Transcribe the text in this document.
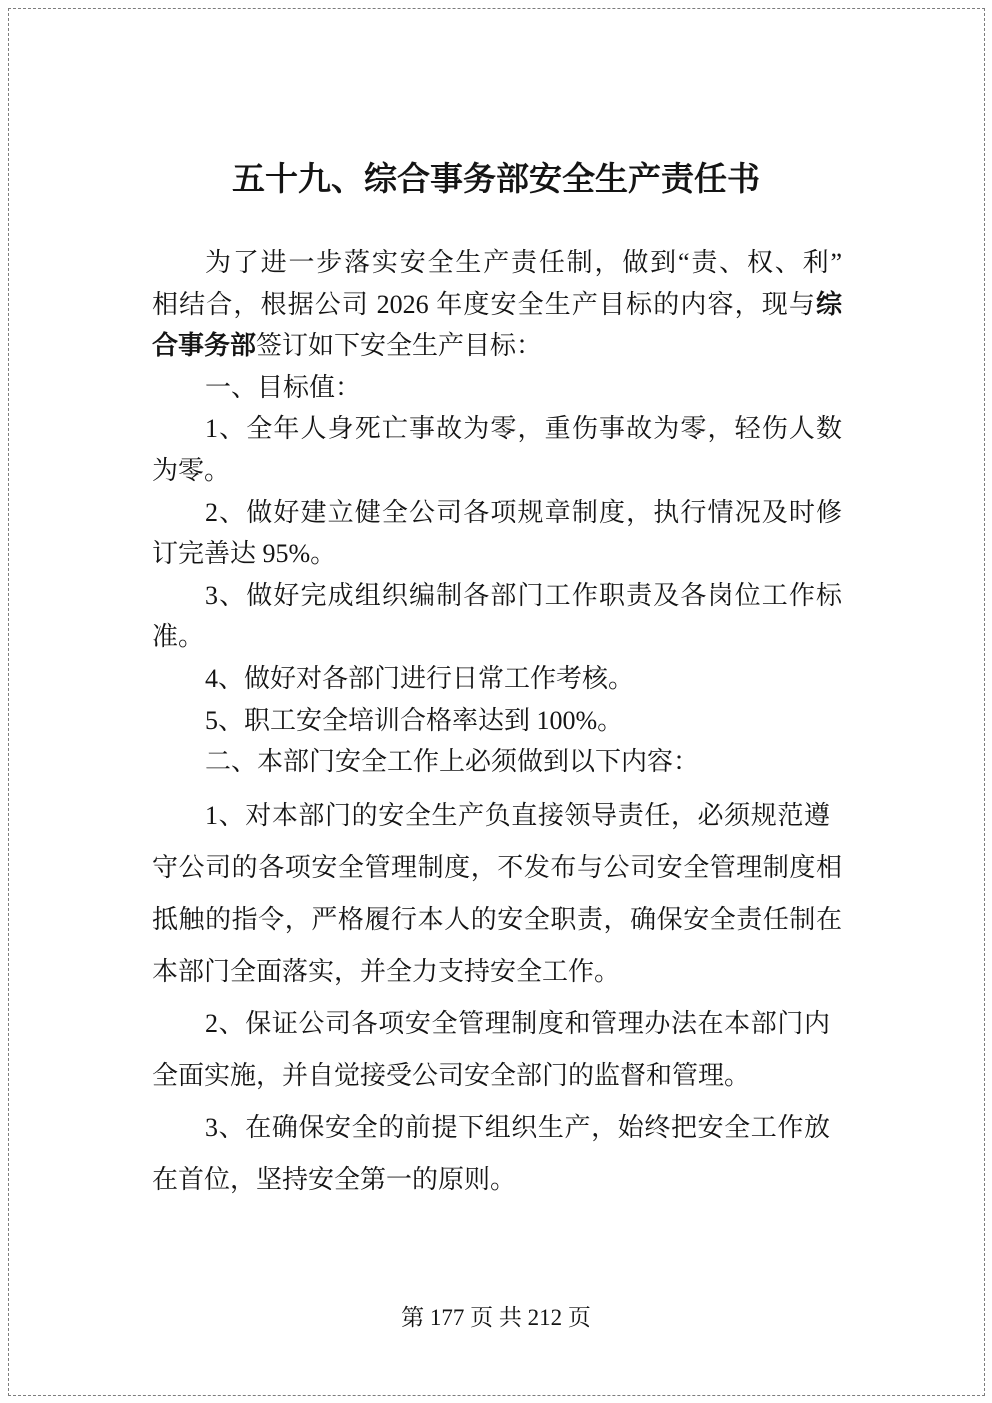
五十九、综合事务部安全生产责任书
为了进一步落实安全生产责任制，做到“责、权、利”
相结合，根据公司 2026 年度安全生产目标的内容，现与综
合事务部签订如下安全生产目标：
一、目标值：
1、全年人身死亡事故为零，重伤事故为零，轻伤人数
为零。
2、做好建立健全公司各项规章制度，执行情况及时修
订完善达 95%。
3、做好完成组织编制各部门工作职责及各岗位工作标
准。
4、做好对各部门进行日常工作考核。
5、职工安全培训合格率达到 100%。
二、本部门安全工作上必须做到以下内容：
1、对本部门的安全生产负直接领导责任，必须规范遵
守公司的各项安全管理制度，不发布与公司安全管理制度相
抵触的指令，严格履行本人的安全职责，确保安全责任制在
本部门全面落实，并全力支持安全工作。
2、保证公司各项安全管理制度和管理办法在本部门内
全面实施，并自觉接受公司安全部门的监督和管理。
3、在确保安全的前提下组织生产，始终把安全工作放
在首位，坚持安全第一的原则。
第 177 页 共 212 页
